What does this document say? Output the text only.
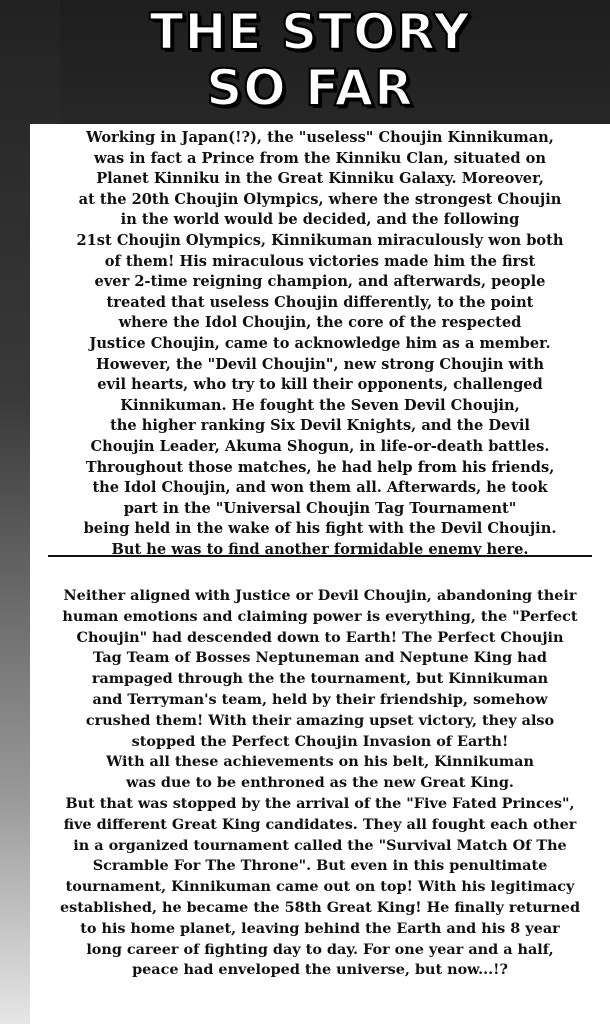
THE STORY
SO FAR

Working in Japan(!?), the "useless" Choujin Kinnikuman,
was in fact a Prince from the Kinniku Clan, situated on
Planet Kinniku in the Great Kinniku Galaxy. Moreover,
at the 20th Choujin Olympics, where the strongest Choujin
in the world would be decided, and the following
21st Choujin Olympics, Kinnikuman miraculously won both
of them! His miraculous victories made him the first
ever 2-time reigning champion, and afterwards, people
treated that useless Choujin differently, to the point
where the Idol Choujin, the core of the respected
Justice Choujin, came to acknowledge him as a member.
However, the "Devil Choujin", new strong Choujin with
evil hearts, who try to kill their opponents, challenged
Kinnikuman. He fought the Seven Devil Choujin,
the higher ranking Six Devil Knights, and the Devil
Choujin Leader, Akuma Shogun, in life-or-death battles.
Throughout those matches, he had help from his friends,
the Idol Choujin, and won them all. Afterwards, he took
part in the "Universal Choujin Tag Tournament"
being held in the wake of his fight with the Devil Choujin.
But he was to find another formidable enemy here.

Neither aligned with Justice or Devil Choujin, abandoning their
human emotions and claiming power is everything, the "Perfect
Choujin" had descended down to Earth! The Perfect Choujin
Tag Team of Bosses Neptuneman and Neptune King had
rampaged through the the tournament, but Kinnikuman
and Terryman's team, held by their friendship, somehow
crushed them! With their amazing upset victory, they also
stopped the Perfect Choujin Invasion of Earth!
With all these achievements on his belt, Kinnikuman
was due to be enthroned as the new Great King.
But that was stopped by the arrival of the "Five Fated Princes",
five different Great King candidates. They all fought each other
in a organized tournament called the "Survival Match Of The
Scramble For The Throne". But even in this penultimate
tournament, Kinnikuman came out on top! With his legitimacy
established, he became the 58th Great King! He finally returned
to his home planet, leaving behind the Earth and his 8 year
long career of fighting day to day. For one year and a half,
peace had enveloped the universe, but now...!?
